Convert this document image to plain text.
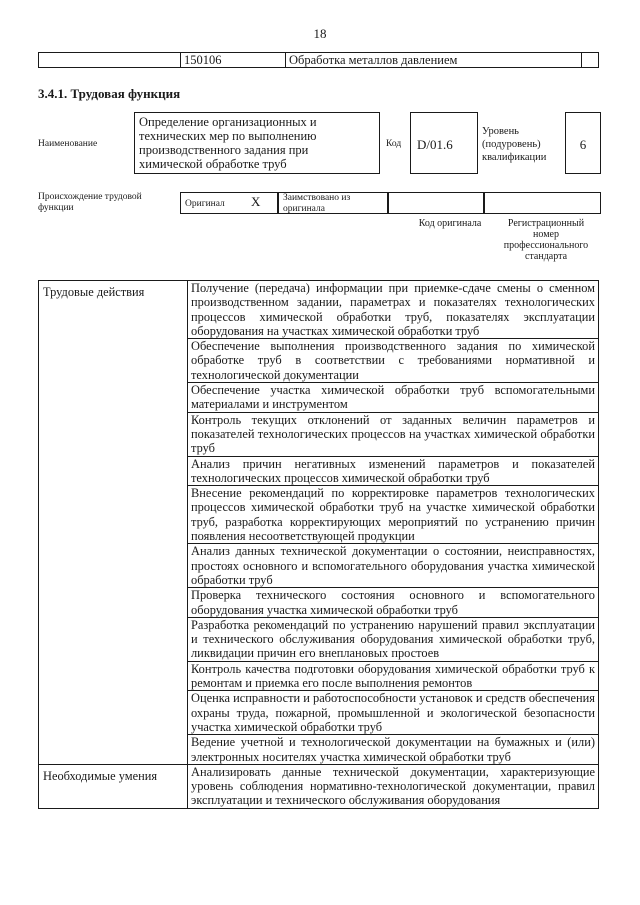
18
	150106	Обработка металлов давлением	
3.4.1. Трудовая функция
Наименование
Определение организационных и технических мер по выполнению производственного задания при химической обработке труб
Код	D/01.6
Уровень (подуровень) квалификации
6
Происхождение трудовой функции	Оригинал X	Заимствовано из оригинала
Код оригинала	Регистрационный номер профессионального стандарта
Трудовые действия	Получение (передача) информации при приемке-сдаче смены о сменном производственном задании, параметрах и показателях технологических процессов химической обработки труб, показателях эксплуатации оборудования на участках химической обработки труб
	Обеспечение выполнения производственного задания по химической обработке труб в соответствии с требованиями нормативной и технологической документации
	Обеспечение участка химической обработки труб вспомогательными материалами и инструментом
	Контроль текущих отклонений от заданных величин параметров и показателей технологических процессов на участках химической обработки труб
	Анализ причин негативных изменений параметров и показателей технологических процессов химической обработки труб
	Внесение рекомендаций по корректировке параметров технологических процессов химической обработки труб на участке химической обработки труб, разработка корректирующих мероприятий по устранению причин появления несоответствующей продукции
	Анализ данных технической документации о состоянии, неисправностях, простоях основного и вспомогательного оборудования участка химической обработки труб
	Проверка технического состояния основного и вспомогательного оборудования участка химической обработки труб
	Разработка рекомендаций по устранению нарушений правил эксплуатации и технического обслуживания оборудования химической обработки труб, ликвидации причин его внеплановых простоев
	Контроль качества подготовки оборудования химической обработки труб к ремонтам и приемка его после выполнения ремонтов
	Оценка исправности и работоспособности установок и средств обеспечения охраны труда, пожарной, промышленной и экологической безопасности участка химической обработки труб
	Ведение учетной и технологической документации на бумажных и (или) электронных носителях участка химической обработки труб
Необходимые умения	Анализировать данные технической документации, характеризующие уровень соблюдения нормативно-технологической документации, правил эксплуатации и технического обслуживания оборудования
